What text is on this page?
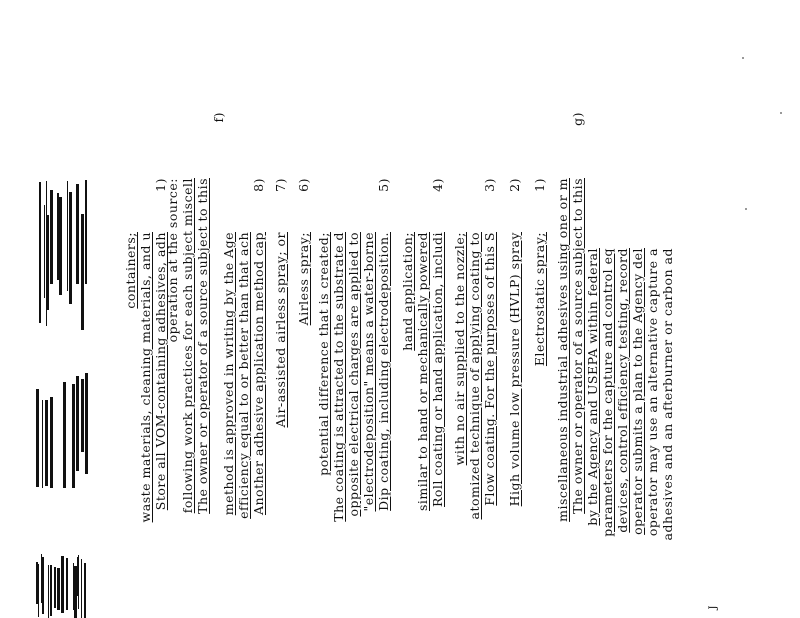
J
adhesives and an afterburner or carbon ad
operator may use an alternative capture a
operator submits a plan to the Agency del
devices, control efficiency testing, record
parameters for the capture and control eq
by the Agency and USEPA within federal
g)
The owner or operator of a source subject to this
miscellaneous industrial adhesives using one or m
1)
Electrostatic spray;
2)
High volume low pressure (HVLP) spray
3)
Flow coating. For the purposes of this S
atomized technique of applying coating to
with no air supplied to the nozzle;
4)
Roll coating or hand application, includi
similar to hand or mechanically powered
hand application;
5)
Dip coating, including electrodeposition.
"electrodeposition" means a water-borne
opposite electrical charges are applied to
The coating is attracted to the substrate d
potential difference that is created;
6)
Airless spray;
7)
Air-assisted airless spray; or
8)
Another adhesive application method cap
efficiency equal to or better than that ach
method is approved in writing by the Age
f)
The owner or operator of a source subject to this
following work practices for each subject miscell
operation at the source:
1)
Store all VOM-containing adhesives, adh
waste materials, cleaning materials, and u
containers;
